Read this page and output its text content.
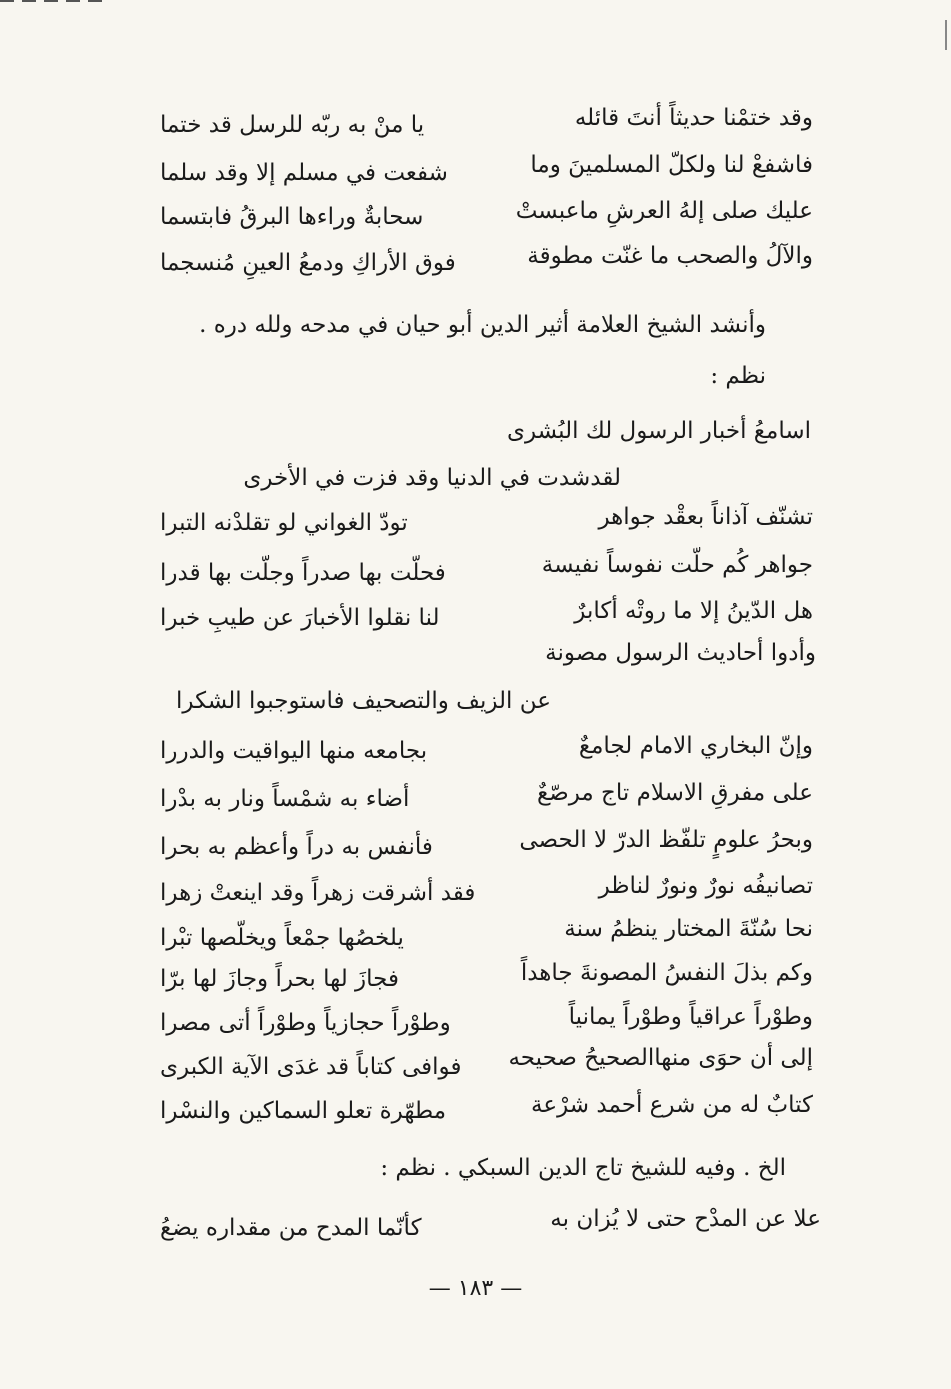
وقد ختمْنا حديثاً أنتَ قائله
يا منْ به ربّه للرسل قد ختما
فاشفعْ لنا ولكلّ المسلمينَ وما
شفعت في مسلم إلا وقد سلما
عليك صلى إلهُ العرشِ ماعبستْ
سحابةٌ وراءها البرقُ فابتسما
والآلُ والصحب ما غنّت مطوقة
فوق الأراكِ ودمعُ العينِ مُنسجما
وأنشد الشيخ العلامة أثير الدين أبو حيان في مدحه ولله دره .
نظم :
اسامعُ أخبار الرسول لك البُشرى
لقدشدت في الدنيا وقد فزت في الأخرى
تشنّف آذاناً بعقْد جواهر
تودّ الغواني لو تقلدْنه التبرا
جواهر كُم حلّت نفوساً نفيسة
فحلّت بها صدراً وجلّت بها قدرا
هل الدّينُ إلا ما روتْه أكابرٌ
لنا نقلوا الأخبارَ عن طيبِ خبرا
وأدوا أحاديث الرسول مصونة
عن الزيف والتصحيف فاستوجبوا الشكرا
وإنّ البخاري الامام لجامعٌ
بجامعه منها اليواقيت والدررا
على مفرقِ الاسلام تاج مرصّعٌ
أضاء به شمْساً ونار به بدْرا
وبحرُ علومٍ تلفّظ الدرّ لا الحصى
فأنفس به دراً وأعظم به بحرا
تصانيفُه نورٌ ونورٌ لناظر
فقد أشرقت زهراً وقد اينعتْ زهرا
نحا سُنّةَ المختار ينظمُ سنة
يلخصُها جمْعاً ويخلّصها تبْرا
وكم بذلَ النفسُ المصونةَ جاهداً
فجازَ لها بحراً وجازَ لها برّا
وطوْراً عراقياً وطوْراً يمانياً
وطوْراً حجازياً وطوْراً أتى مصرا
إلى أن حوَى منهاالصحيحُ صحيحه
فوافى كتاباً قد غدَى الآية الكبرى
كتابٌ له من شرع أحمد شرْعة
مطهّرة تعلو السماكين والنسْرا
الخ . وفيه للشيخ تاج الدين السبكي . نظم :
علا عن المدْح حتى لا يُزان به
كأنّما المدح من مقداره يضعُ
— ١٨٣ —
